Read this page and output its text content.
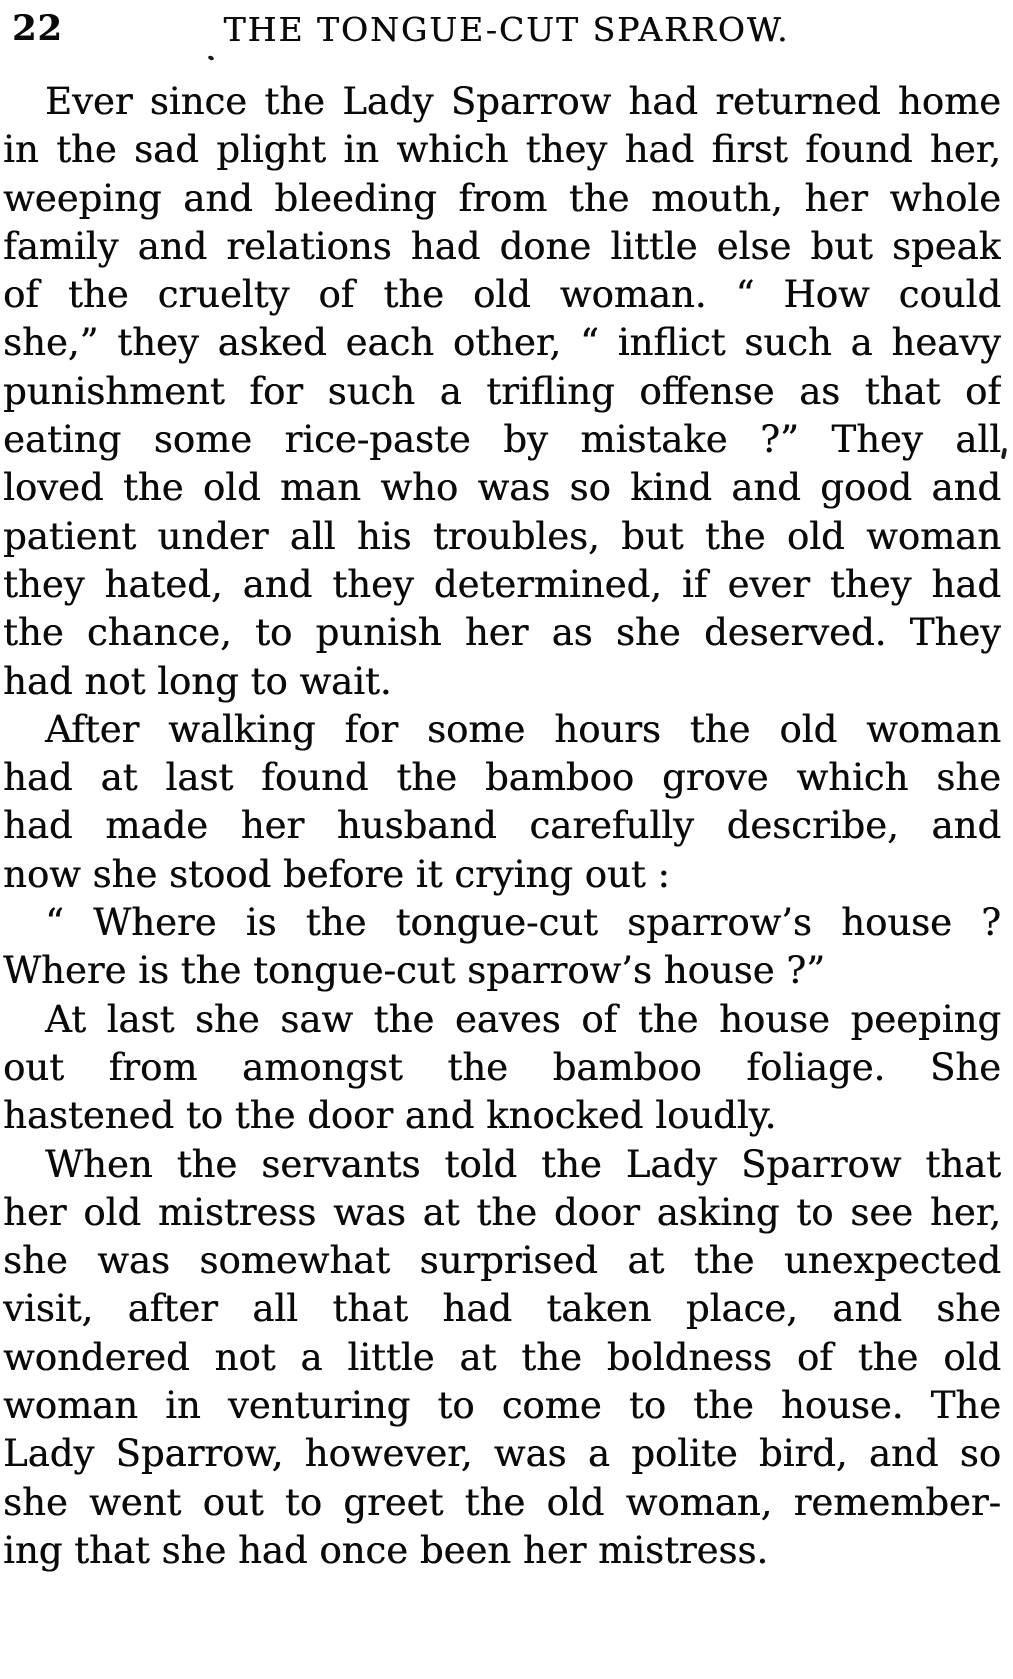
22	THE TONGUE-CUT SPARROW.
Ever since the Lady Sparrow had returned home
in the sad plight in which they had first found her,
weeping and bleeding from the mouth, her whole
family and relations had done little else but speak
of the cruelty of the old woman. “ How could
she,” they asked each other, “ inflict such a heavy
punishment for such a trifling offense as that of
eating some rice-paste by mistake ?” They all
loved the old man who was so kind and good and
patient under all his troubles, but the old woman
they hated, and they determined, if ever they had
the chance, to punish her as she deserved. They
had not long to wait.
After walking for some hours the old woman
had at last found the bamboo grove which she
had made her husband carefully describe, and
now she stood before it crying out :
“ Where is the tongue-cut sparrow’s house ?
Where is the tongue-cut sparrow’s house ?”
At last she saw the eaves of the house peeping
out from amongst the bamboo foliage. She
hastened to the door and knocked loudly.
When the servants told the Lady Sparrow that
her old mistress was at the door asking to see her,
she was somewhat surprised at the unexpected
visit, after all that had taken place, and she
wondered not a little at the boldness of the old
woman in venturing to come to the house. The
Lady Sparrow, however, was a polite bird, and so
she went out to greet the old woman, remember-
ing that she had once been her mistress.
